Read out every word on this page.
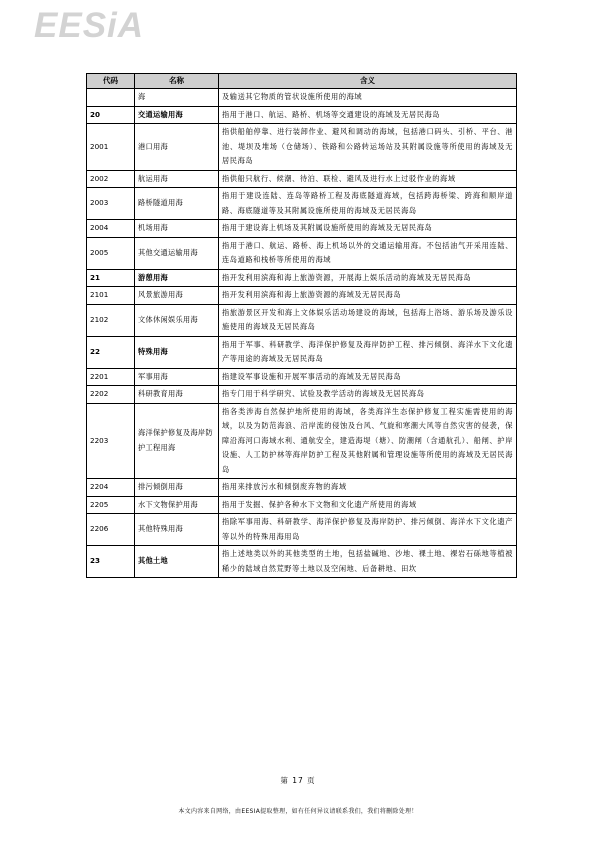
EESiA
代码	名称	含义
	海	及输送其它物质的管状设施所使用的海域
20	交通运输用海	指用于港口、航运、路桥、机场等交通建设的海域及无居民海岛
2001	港口用海	指供船舶停靠、进行装卸作业、避风和调动的海域，包括港口码头、引桥、平台、港池、堤坝及堆场（仓储场）、铁路和公路转运场站及其附属设施等所使用的海域及无居民海岛
2002	航运用海	指供船只航行、候潮、待泊、联检、避风及进行水上过驳作业的海域
2003	路桥隧道用海	指用于建设连陆、连岛等路桥工程及海底隧道海域，包括跨海桥梁、跨海和顺岸道路、海底隧道等及其附属设施所使用的海域及无居民海岛
2004	机场用海	指用于建设海上机场及其附属设施所使用的海域及无居民海岛
2005	其他交通运输用海	指用于港口、航运、路桥、海上机场以外的交通运输用海。不包括油气开采用连陆、连岛道路和栈桥等所使用的海域
21	游憩用海	指开发利用滨海和海上旅游资源，开展海上娱乐活动的海域及无居民海岛
2101	风景旅游用海	指开发利用滨海和海上旅游资源的海域及无居民海岛
2102	文体休闲娱乐用海	指旅游景区开发和海上文体娱乐活动场建设的海域，包括海上浴场、游乐场及游乐设施使用的海域及无居民海岛
22	特殊用海	指用于军事、科研教学、海洋保护修复及海岸防护工程、排污倾倒、海洋水下文化遗产等用途的海域及无居民海岛
2201	军事用海	指建设军事设施和开展军事活动的海域及无居民海岛
2202	科研教育用海	指专门用于科学研究、试验及教学活动的海域及无居民海岛
2203	海洋保护修复及海岸防护工程用海	指各类涉海自然保护地所使用的海域，各类海洋生态保护修复工程实施需使用的海域，以及为防范海浪、沿岸流的侵蚀及台风、气旋和寒潮大风等自然灾害的侵袭，保障沿海河口海域水利、通航安全，建造海堤（塘）、防潮闸（含通航孔）、船闸、护岸设施、人工防护林等海岸防护工程及其他附属和管理设施等所使用的海域及无居民海岛
2204	排污倾倒用海	指用来排放污水和倾倒废弃物的海域
2205	水下文物保护用海	指用于发掘、保护各种水下文物和文化遗产所使用的海域
2206	其他特殊用海	指除军事用海、科研教学、海洋保护修复及海岸防护、排污倾倒、海洋水下文化遗产等以外的特殊用海用岛
23	其他土地	指上述地类以外的其他类型的土地，包括盐碱地、沙地、裸土地、裸岩石砾地等植被稀少的陆域自然荒野等土地以及空闲地、后备耕地、田坎
第 17 页
本文内容来自网络，由EESIA提取整理，如有任何异议请联系我们，我们将删除处理！
